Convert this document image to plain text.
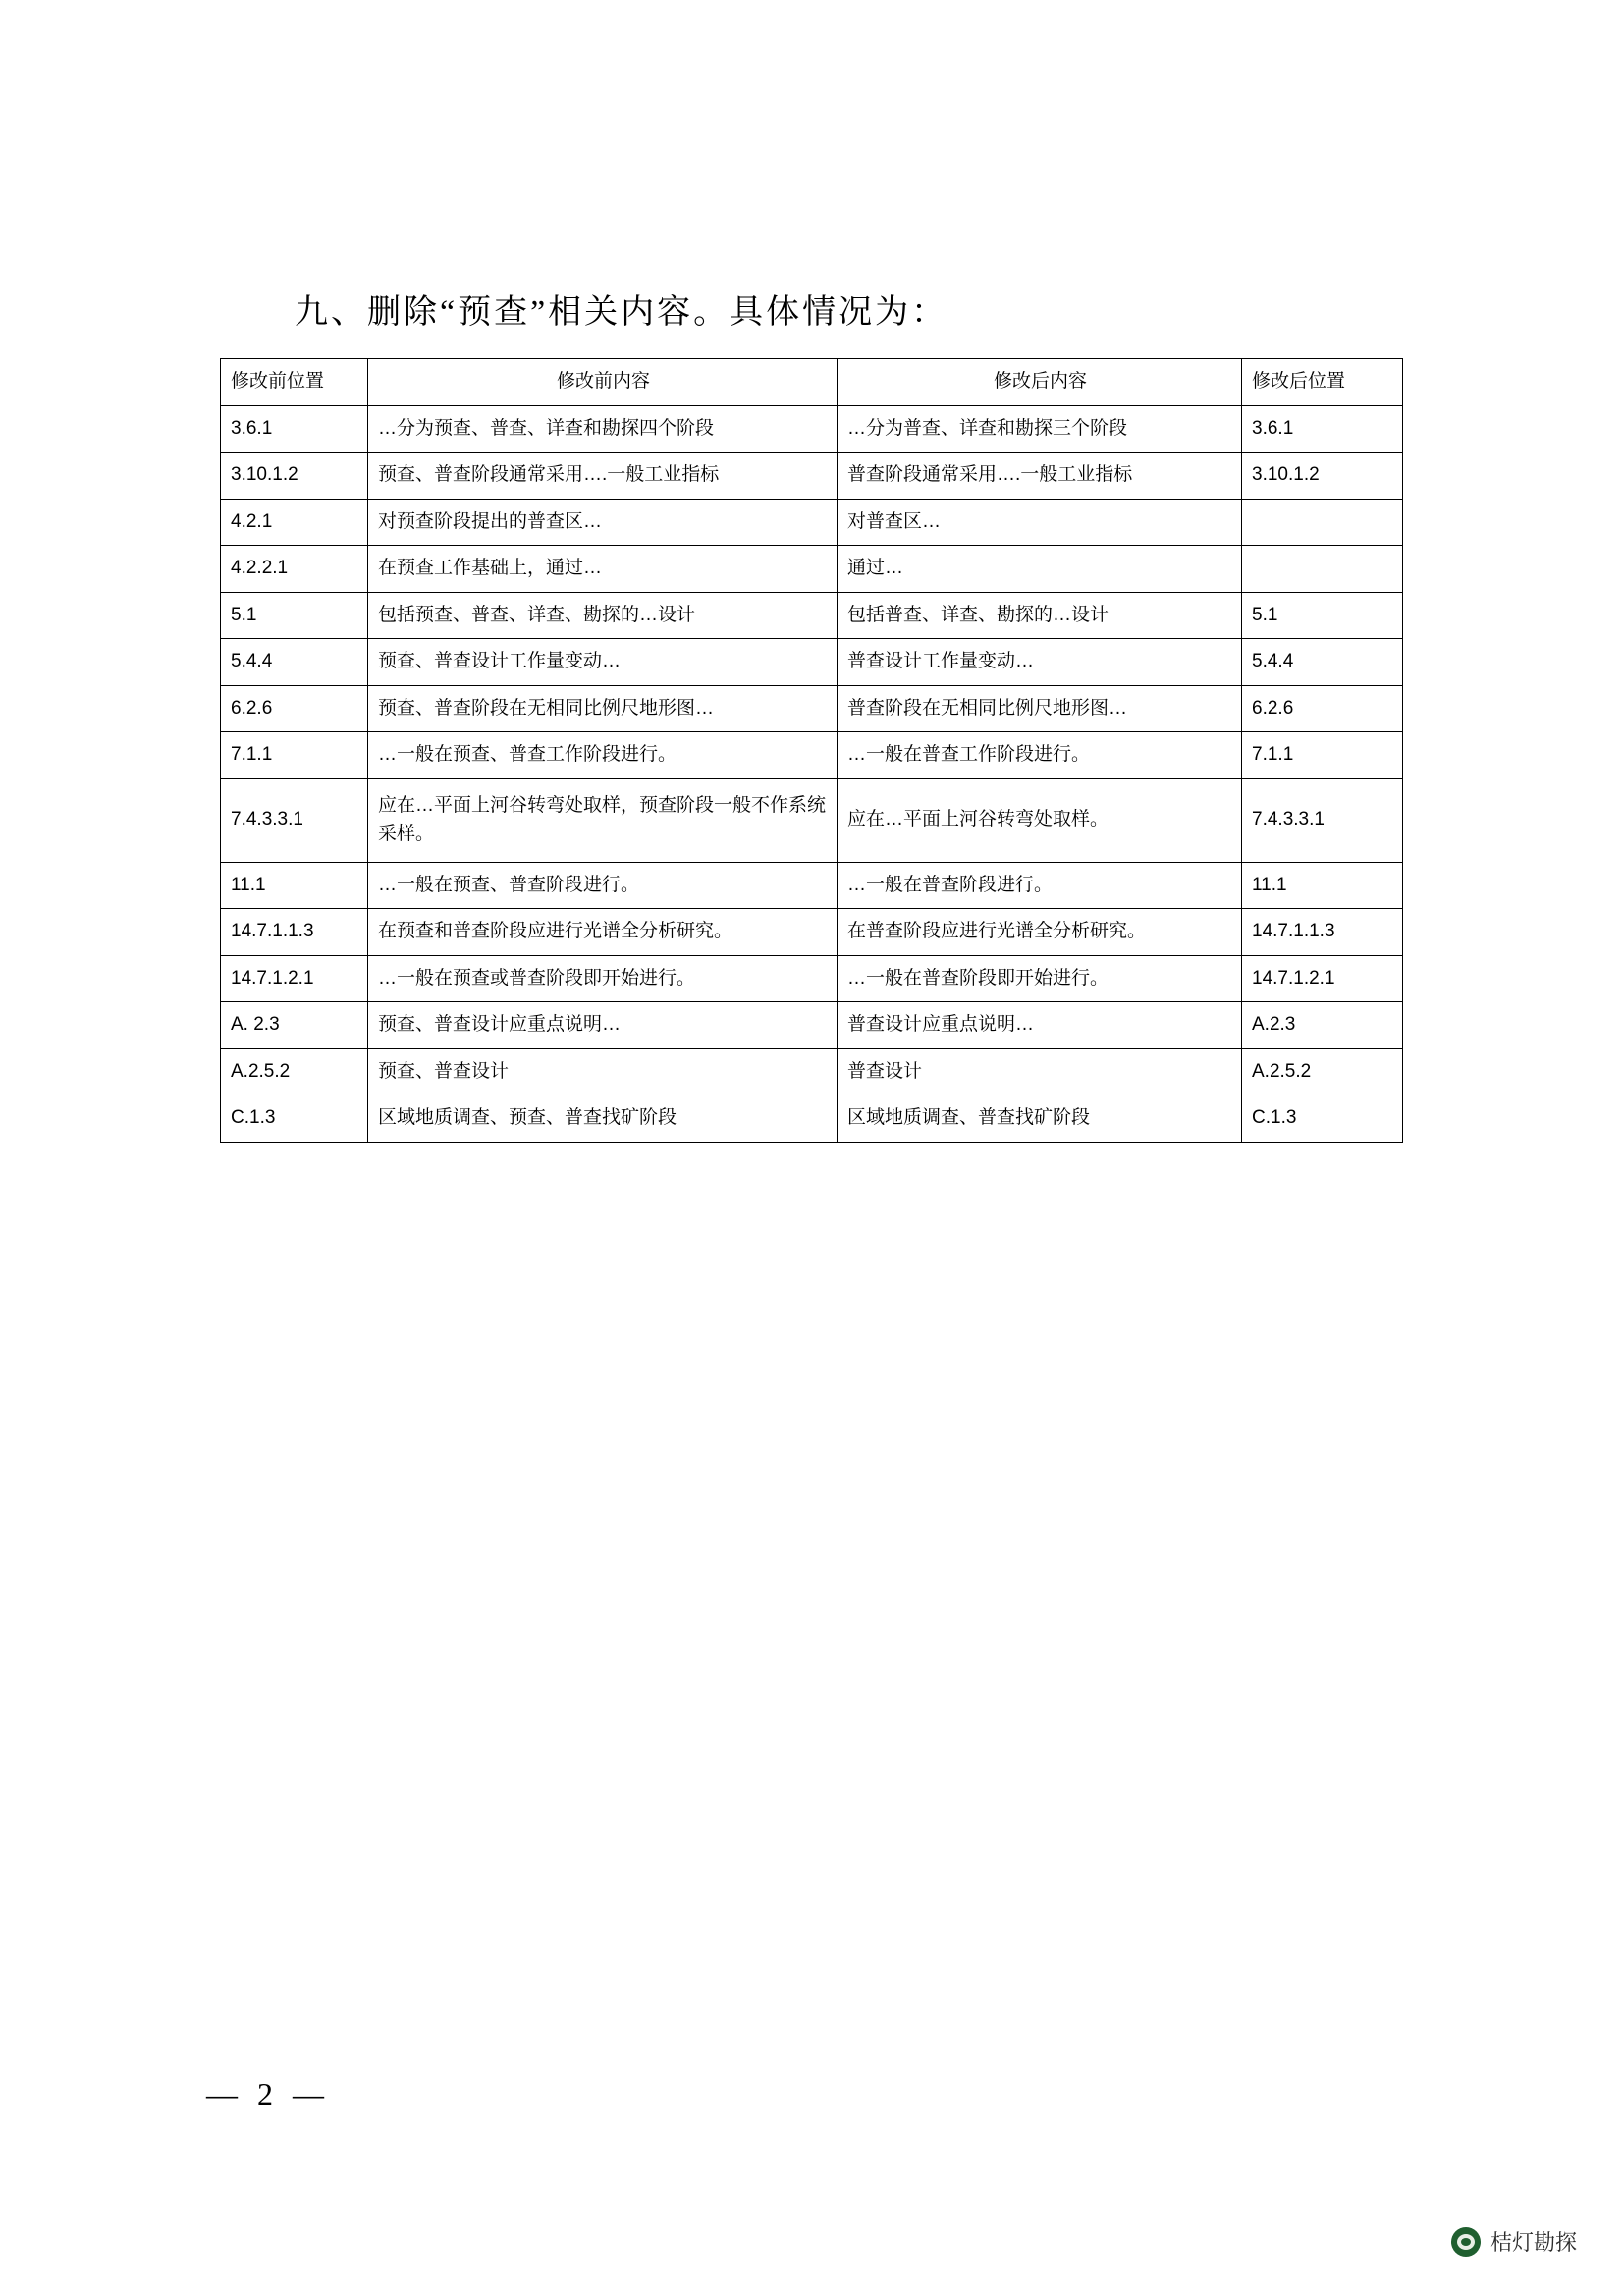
九、删除“预查”相关内容。具体情况为：
修改前位置	修改前内容	修改后内容	修改后位置
3.6.1	…分为预查、普查、详查和勘探四个阶段	…分为普查、详查和勘探三个阶段	3.6.1
3.10.1.2	预查、普查阶段通常采用….一般工业指标	普查阶段通常采用….一般工业指标	3.10.1.2
4.2.1	对预查阶段提出的普查区…	对普查区…	
4.2.2.1	在预查工作基础上，通过…	通过…	
5.1	包括预查、普查、详查、勘探的…设计	包括普查、详查、勘探的…设计	5.1
5.4.4	预查、普查设计工作量变动…	普查设计工作量变动…	5.4.4
6.2.6	预查、普查阶段在无相同比例尺地形图…	普查阶段在无相同比例尺地形图…	6.2.6
7.1.1	…一般在预查、普查工作阶段进行。	…一般在普查工作阶段进行。	7.1.1
7.4.3.3.1	应在…平面上河谷转弯处取样，预查阶段一般不作系统采样。	应在…平面上河谷转弯处取样。	7.4.3.3.1
11.1	…一般在预查、普查阶段进行。	…一般在普查阶段进行。	11.1
14.7.1.1.3	在预查和普查阶段应进行光谱全分析研究。	在普查阶段应进行光谱全分析研究。	14.7.1.1.3
14.7.1.2.1	…一般在预查或普查阶段即开始进行。	…一般在普查阶段即开始进行。	14.7.1.2.1
A. 2.3	预查、普查设计应重点说明…	普查设计应重点说明…	A.2.3
A.2.5.2	预查、普查设计	普查设计	A.2.5.2
C.1.3	区域地质调查、预查、普查找矿阶段	区域地质调查、普查找矿阶段	C.1.3
— 2 —
桔灯勘探
